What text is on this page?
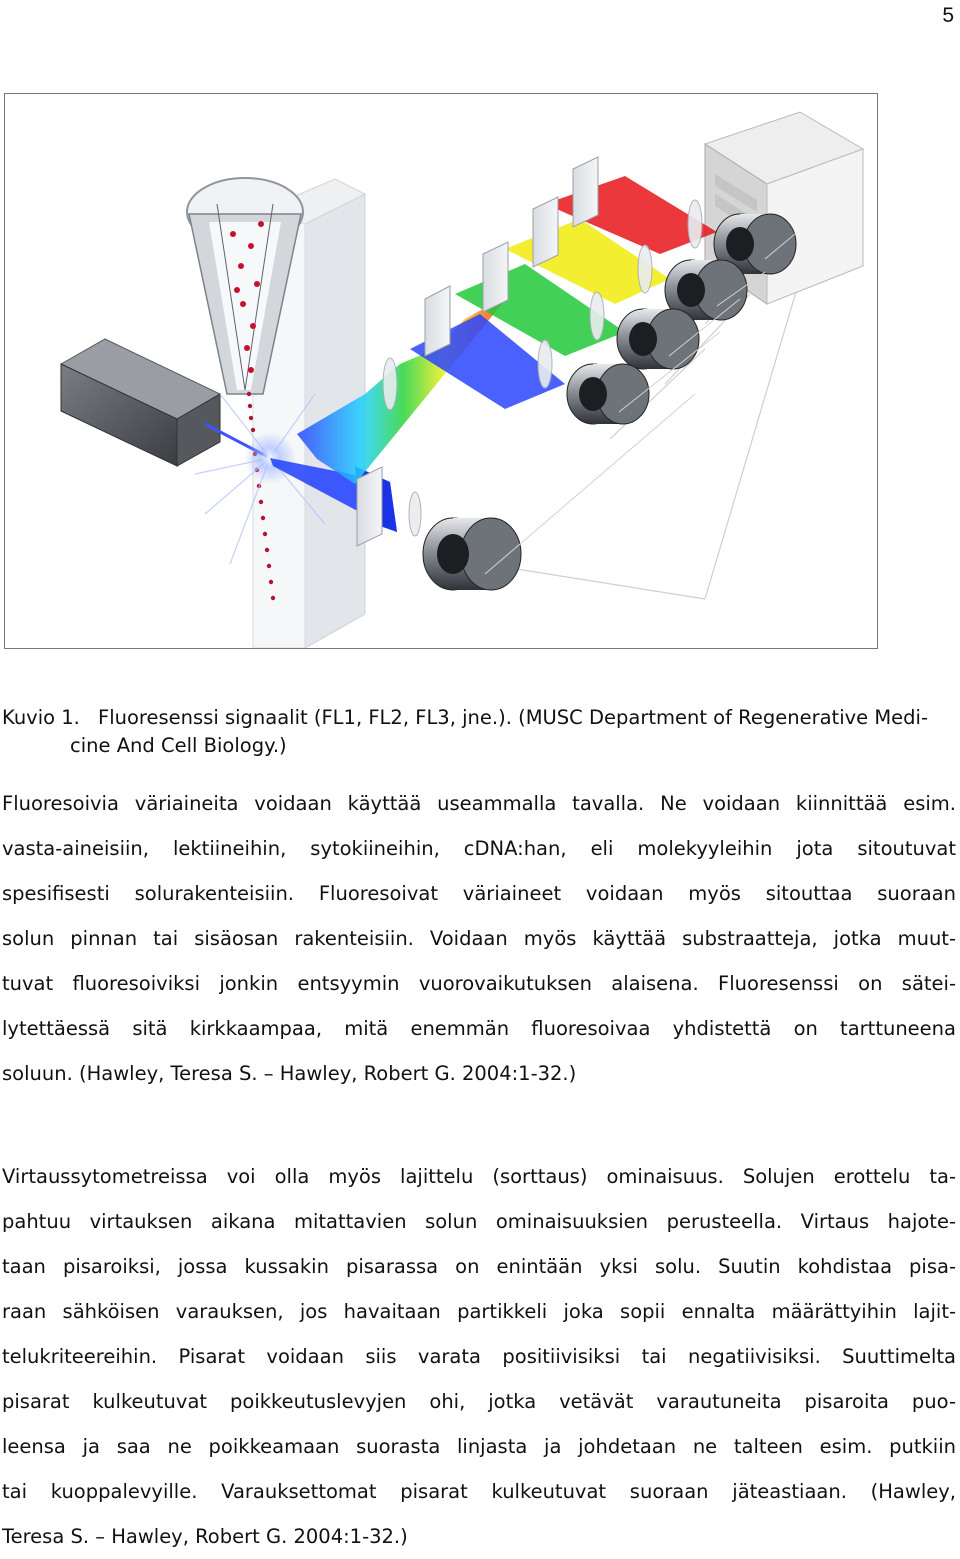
5
Kuvio 1. Fluoresenssi signaalit (FL1, FL2, FL3, jne.). (MUSC Department of Regenerative Medi-
cine And Cell Biology.)
Fluoresoivia väriaineita voidaan käyttää useammalla tavalla. Ne voidaan kiinnittää esim.
vasta-aineisiin, lektiineihin, sytokiineihin, cDNA:han, eli molekyyleihin jota sitoutuvat
spesifisesti solurakenteisiin. Fluoresoivat väriaineet voidaan myös sitouttaa suoraan
solun pinnan tai sisäosan rakenteisiin. Voidaan myös käyttää substraatteja, jotka muut-
tuvat fluoresoiviksi jonkin entsyymin vuorovaikutuksen alaisena. Fluoresenssi on sätei-
lytettäessä sitä kirkkaampaa, mitä enemmän fluoresoivaa yhdistettä on tarttuneena
soluun. (Hawley, Teresa S. – Hawley, Robert G. 2004:1-32.)
Virtaussytometreissa voi olla myös lajittelu (sorttaus) ominaisuus. Solujen erottelu ta-
pahtuu virtauksen aikana mitattavien solun ominaisuuksien perusteella. Virtaus hajote-
taan pisaroiksi, jossa kussakin pisarassa on enintään yksi solu. Suutin kohdistaa pisa-
raan sähköisen varauksen, jos havaitaan partikkeli joka sopii ennalta määrättyihin lajit-
telukriteereihin. Pisarat voidaan siis varata positiivisiksi tai negatiivisiksi. Suuttimelta
pisarat kulkeutuvat poikkeutuslevyjen ohi, jotka vetävät varautuneita pisaroita puo-
leensa ja saa ne poikkeamaan suorasta linjasta ja johdetaan ne talteen esim. putkiin
tai kuoppalevyille. Varauksettomat pisarat kulkeutuvat suoraan jäteastiaan. (Hawley,
Teresa S. – Hawley, Robert G. 2004:1-32.)
